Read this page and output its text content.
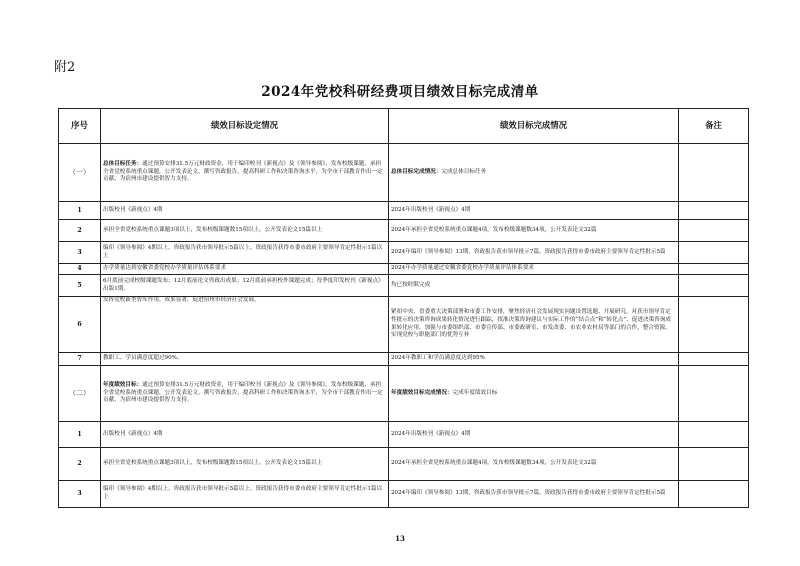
附2
2024年党校科研经费项目绩效目标完成清单
序号	绩效目标设定情况	绩效目标完成情况	备注
（一）	总体目标任务：通过预算安排31.5万元财政资金，用于编印校刊《新视点》及《领导参阅》，发布校级课题，承担全省党校系统重点课题，公开发表论文，撰写咨政报告，提高科研工作和决策咨询水平，为全市干部教育作出一定贡献，为宿州市建设提供智力支持。	总体目标完成情况：完成总体目标任务	
1	出版校刊《新视点》4期	2024年出版校刊《新视点》4期	
2	承担全省党校系统重点课题3项以上，发布校级课题数15项以上，公开发表论文15篇以上	2024年承担全省党校系统重点课题4项，发布校级课题数34项，公开发表论文32篇	
3	编印《领导参阅》4期以上，咨政报告获市领导批示5篇以上，资政报告获得市委市政府主要领导肯定性批示1篇以上	2024年编印《领导参阅》13期，咨政报告获市领导批示7篇，资政报告获得市委市政府主要领导肯定性批示5篇	
4	办学质量达到安徽省委党校办学质量评估体系要求	2024年办学质量通过安徽省委党校办学质量评估体系要求	
5	6月底前完成校级课题发布；12月底前论文咨政出成果；12月底前承担校外课题完成；每季度印发校刊《新视点》出版1期。	均已按时限完成	
6	发挥党校新型智库作用，成果显著，促进宿州市经济社会发展。	紧扣中央、省委重大决策部署和市委工作安排，聚焦经济社会发展现实问题设置选题、开展研究。对获市领导肯定性批示的决策咨询成果转化情况进行跟踪，找准决策咨询建议与实际工作的“结合点”和“转化点”，促进决策咨询成果转化应用。加强与市委组织部、市委宣传部、市委政研室、市发改委、市农业农村局等部门的合作，整合资源，实现党校与职能部门的优势互补	
7	教职工、学员满意度超过90%。	2024年教职工和学员满意度达到95%	
（二）	年度绩效目标：通过预算安排31.5万元财政资金，用于编印校刊《新视点》及《领导参阅》，发布校级课题，承担全省党校系统重点课题，公开发表论文，撰写咨政报告，提高科研工作和决策咨询水平，为全市干部教育作出一定贡献，为宿州市建设提供智力支持。	年度绩效目标完成情况：完成年度绩效目标	
1	出版校刊《新视点》4期	2024年出版校刊《新视点》4期	
2	承担全省党校系统重点课题3项以上，发布校级课题数15项以上，公开发表论文15篇以上	2024年承担全省党校系统重点课题4项，发布校级课题数34项，公开发表论文32篇	
3	编印《领导参阅》4期以上，咨政报告获市领导批示5篇以上，资政报告获得市委市政府主要领导肯定性批示1篇以上	2024年编印《领导参阅》13期，咨政报告获市领导批示7篇，资政报告获得市委市政府主要领导肯定性批示5篇	
13
